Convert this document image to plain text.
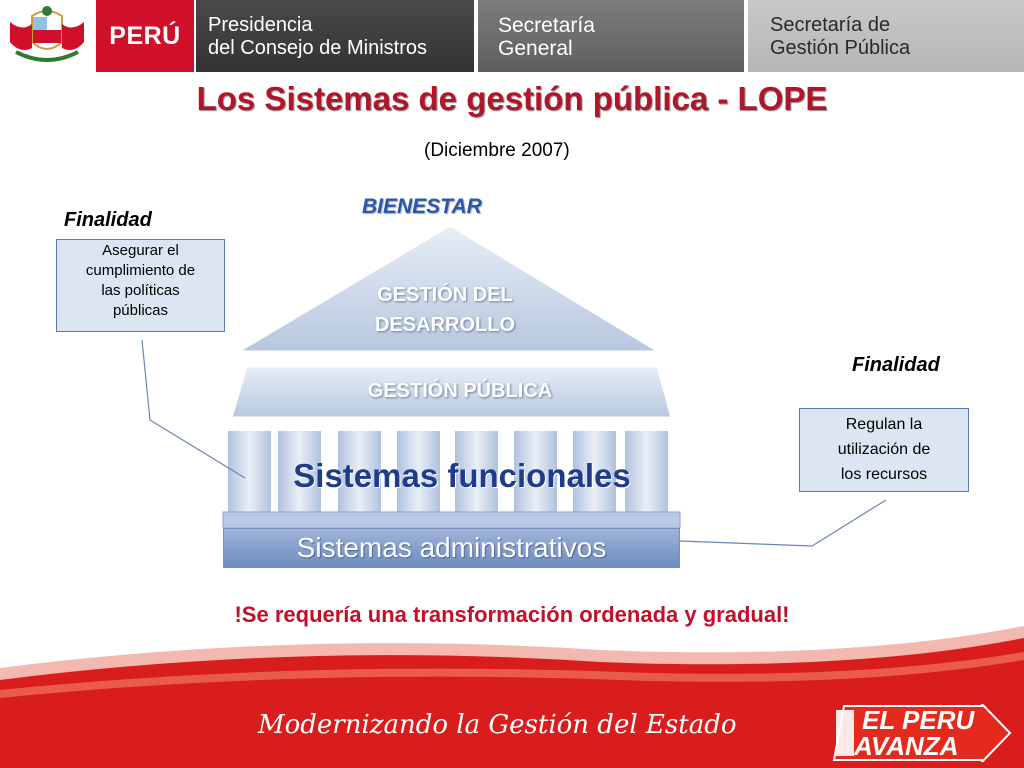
PERÚ	Presidencia
del Consejo de Ministros
Secretaría
General
Secretaría de
Gestión Pública
Los Sistemas de gestión pública - LOPE
(Diciembre 2007)
BIENESTAR
GESTIÓN DEL
DESARROLLO
GESTIÓN PÚBLICA
Sistemas funcionales
Sistemas administrativos
Finalidad
Asegurar el
cumplimiento de
las políticas
públicas
Finalidad
Regulan la
utilización de
los recursos
!Se requería una transformación ordenada y gradual!
Modernizando la Gestión del Estado	EL PERU
AVANZA
